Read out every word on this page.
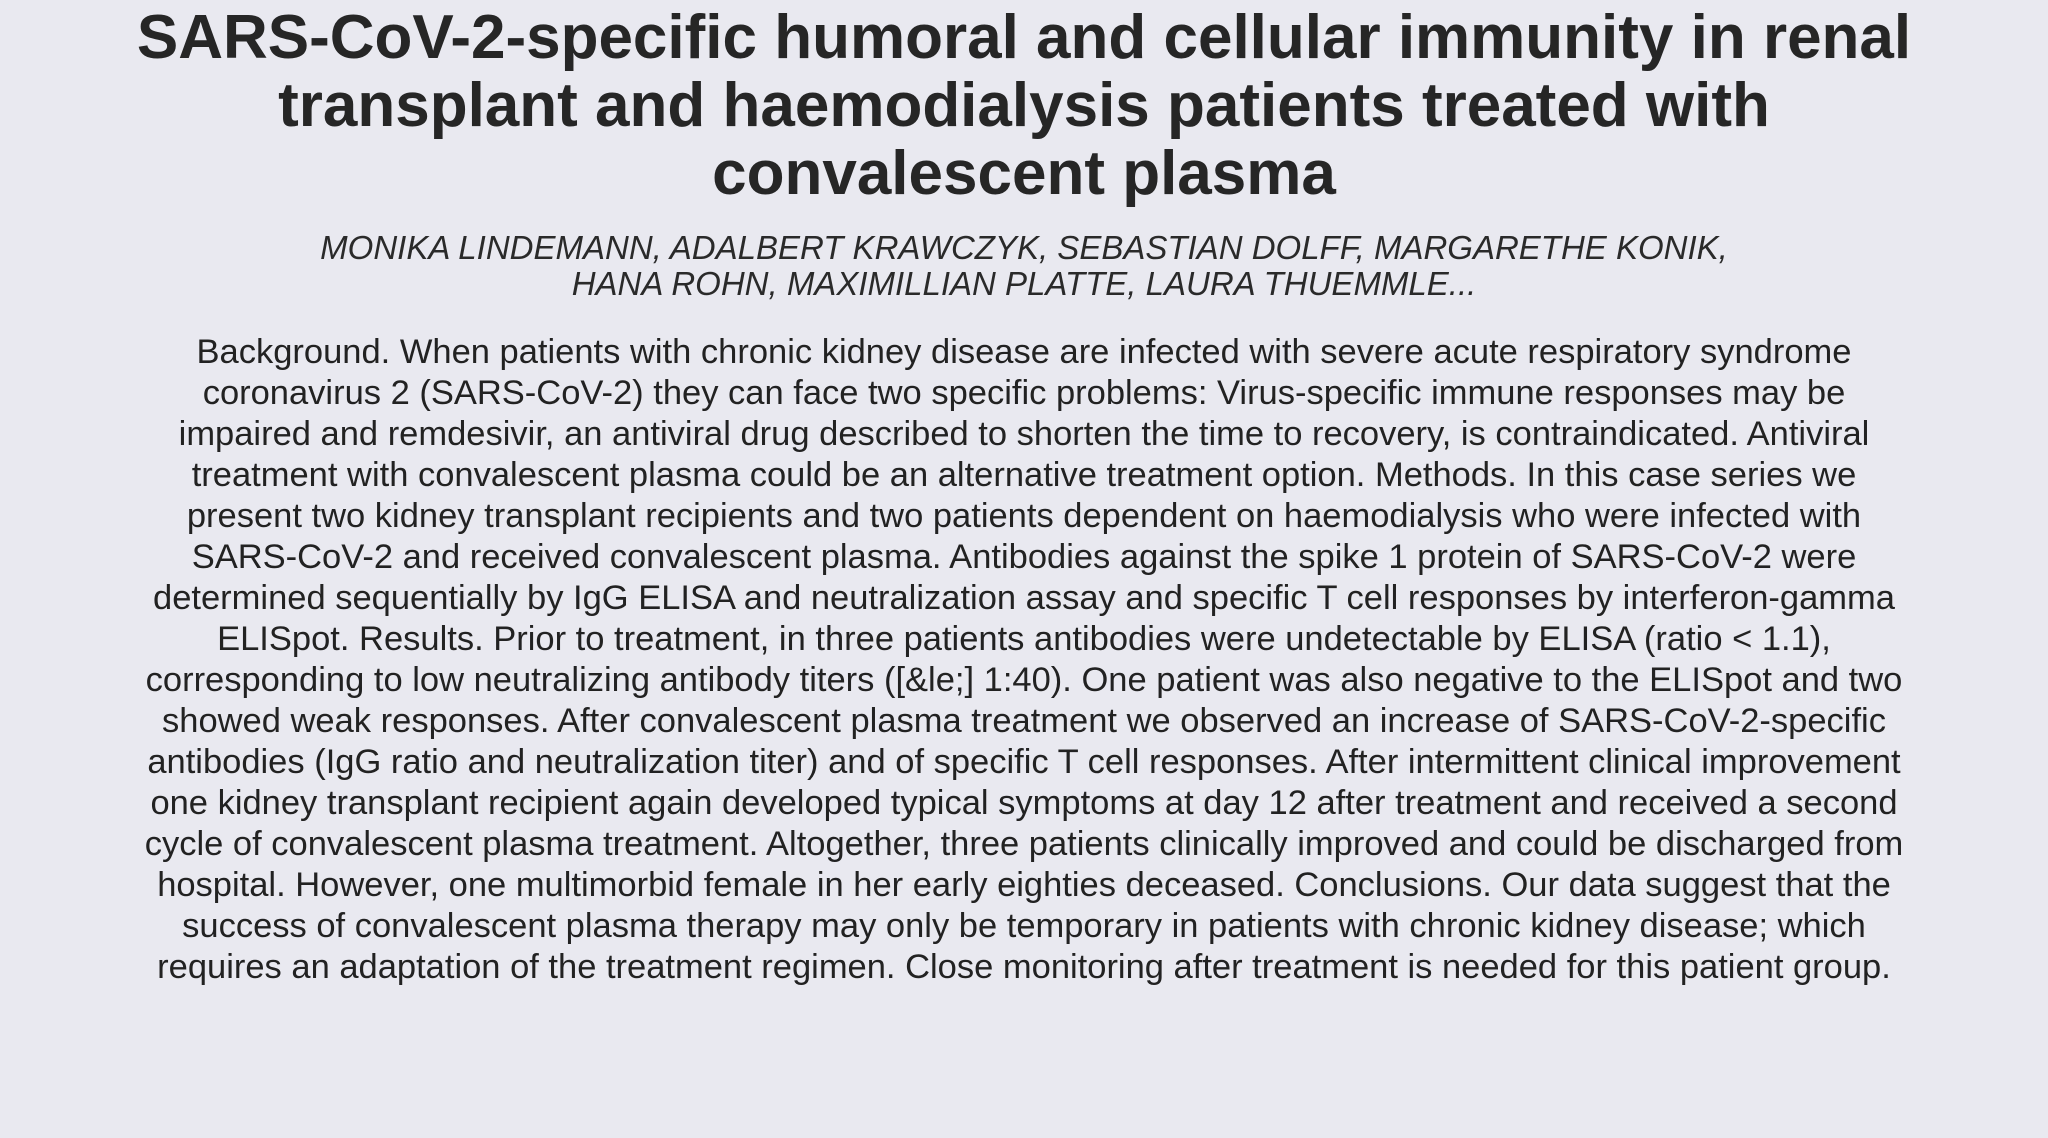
SARS-CoV-2-specific humoral and cellular immunity in renal transplant and haemodialysis patients treated with convalescent plasma
MONIKA LINDEMANN, ADALBERT KRAWCZYK, SEBASTIAN DOLFF, MARGARETHE KONIK, HANA ROHN, MAXIMILLIAN PLATTE, LAURA THUEMMLE...

Background. When patients with chronic kidney disease are infected with severe acute respiratory syndrome coronavirus 2 (SARS-CoV-2) they can face two specific problems: Virus-specific immune responses may be impaired and remdesivir, an antiviral drug described to shorten the time to recovery, is contraindicated. Antiviral treatment with convalescent plasma could be an alternative treatment option. Methods. In this case series we present two kidney transplant recipients and two patients dependent on haemodialysis who were infected with SARS-CoV-2 and received convalescent plasma. Antibodies against the spike 1 protein of SARS-CoV-2 were determined sequentially by IgG ELISA and neutralization assay and specific T cell responses by interferon-gamma ELISpot. Results. Prior to treatment, in three patients antibodies were undetectable by ELISA (ratio < 1.1), corresponding to low neutralizing antibody titers ([&le;] 1:40). One patient was also negative to the ELISpot and two showed weak responses. After convalescent plasma treatment we observed an increase of SARS-CoV-2-specific antibodies (IgG ratio and neutralization titer) and of specific T cell responses. After intermittent clinical improvement one kidney transplant recipient again developed typical symptoms at day 12 after treatment and received a second cycle of convalescent plasma treatment. Altogether, three patients clinically improved and could be discharged from hospital. However, one multimorbid female in her early eighties deceased. Conclusions. Our data suggest that the success of convalescent plasma therapy may only be temporary in patients with chronic kidney disease; which requires an adaptation of the treatment regimen. Close monitoring after treatment is needed for this patient group.
